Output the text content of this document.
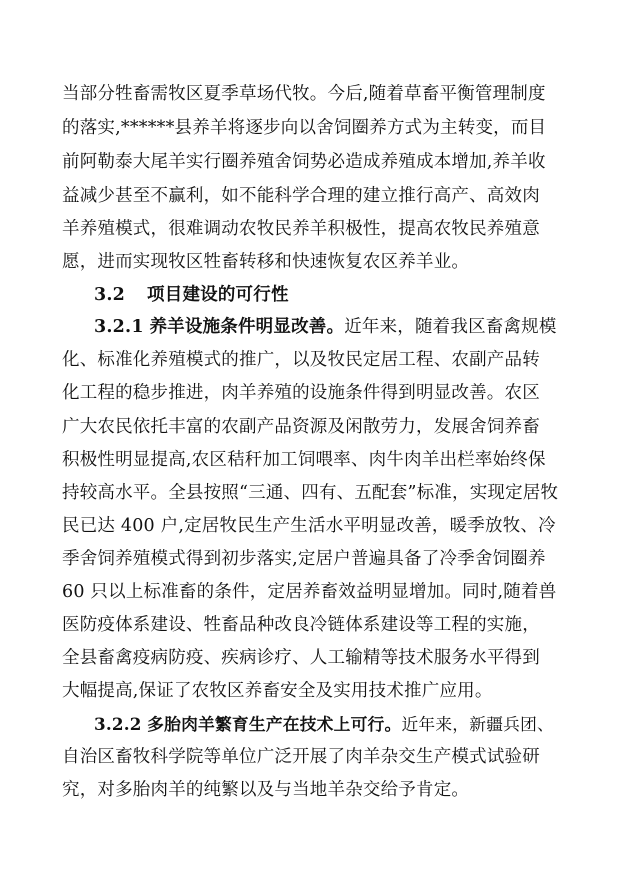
当部分牲畜需牧区夏季草场代牧。今后,随着草畜平衡管理制度
的落实,******县养羊将逐步向以舍饲圈养方式为主转变，而目
前阿勒泰大尾羊实行圈养殖舍饲势必造成养殖成本增加,养羊收
益减少甚至不赢利，如不能科学合理的建立推行高产、高效肉
羊养殖模式，很难调动农牧民养羊积极性，提高农牧民养殖意
愿，进而实现牧区牲畜转移和快速恢复农区养羊业。
3.2 项目建设的可行性
3.2.1 养羊设施条件明显改善。近年来，随着我区畜禽规模
化、标准化养殖模式的推广，以及牧民定居工程、农副产品转
化工程的稳步推进，肉羊养殖的设施条件得到明显改善。农区
广大农民依托丰富的农副产品资源及闲散劳力，发展舍饲养畜
积极性明显提高,农区秸秆加工饲喂率、肉牛肉羊出栏率始终保
持较高水平。全县按照“三通、四有、五配套”标准，实现定居牧
民已达 400 户,定居牧民生产生活水平明显改善，暖季放牧、冷
季舍饲养殖模式得到初步落实,定居户普遍具备了冷季舍饲圈养
60 只以上标准畜的条件，定居养畜效益明显增加。同时,随着兽
医防疫体系建设、牲畜品种改良冷链体系建设等工程的实施，
全县畜禽疫病防疫、疾病诊疗、人工输精等技术服务水平得到
大幅提高,保证了农牧区养畜安全及实用技术推广应用。
3.2.2 多胎肉羊繁育生产在技术上可行。近年来，新疆兵团、
自治区畜牧科学院等单位广泛开展了肉羊杂交生产模式试验研
究，对多胎肉羊的纯繁以及与当地羊杂交给予肯定。
